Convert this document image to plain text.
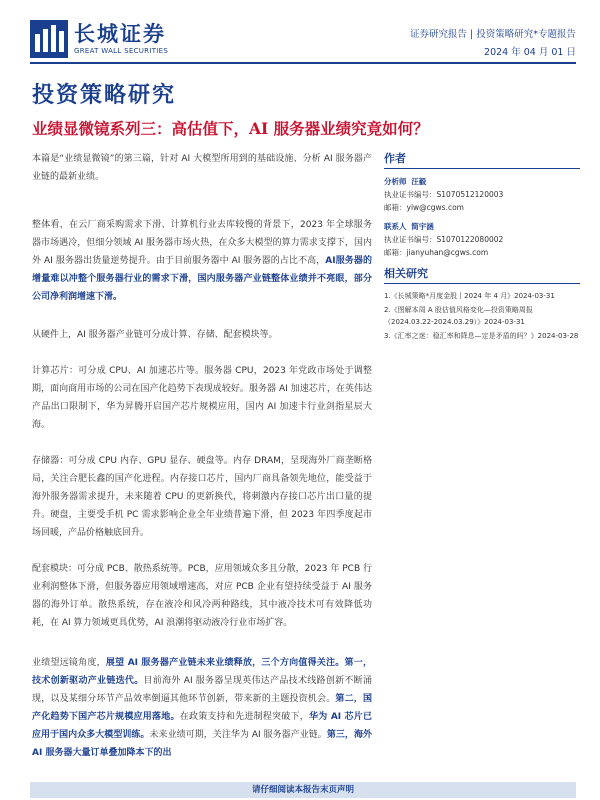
长城证券
GREAT WALL SECURITIES
证券研究报告 | 投资策略研究*专题报告
2024 年 04 月 01 日
投资策略研究
业绩显微镜系列三：高估值下，AI 服务器业绩究竟如何？

本篇是“业绩显微镜”的第三篇，针对 AI 大模型所用到的基础设施、分析 AI 服务器产业链的最新业绩。

整体看，在云厂商采购需求下滑、计算机行业去库较慢的背景下，2023 年全球服务器市场遇冷，但细分领域 AI 服务器市场火热，在众多大模型的算力需求支撑下，国内外 AI 服务器出货量逆势提升。由于目前服务器中 AI 服务器的占比不高，AI服务器的增量难以冲整个服务器行业的需求下滑，国内服务器产业链整体业绩并不亮眼，部分公司净利润增速下滑。

从硬件上，AI 服务器产业链可分成计算、存储、配套模块等。

计算芯片：可分成 CPU、AI 加速芯片等。服务器 CPU，2023 年党政市场处于调整期，面向商用市场的公司在国产化趋势下表现成较好。服务器 AI 加速芯片，在英伟达产品出口限制下，华为昇腾开启国产芯片规模应用，国内 AI 加速卡行业剑指星辰大海。

存储器：可分成 CPU 内存、GPU 显存、硬盘等。内存 DRAM，呈现海外厂商垄断格局，关注合肥长鑫的国产化进程。内存接口芯片，国内厂商具备领先地位，能受益于海外服务器需求提升，未来随着 CPU 的更新换代，将刺激内存接口芯片出口量的提升。硬盘，主要受手机 PC 需求影响企业全年业绩普遍下滑，但 2023 年四季度起市场回暖，产品价格触底回升。

配套模块：可分成 PCB、散热系统等。PCB，应用领域众多且分散，2023 年 PCB 行业利润整体下滑，但服务器应用领域增速高，对应 PCB 企业有望持续受益于 AI 服务器的海外订单。散热系统，存在液冷和风冷两种路线，其中液冷技术可有效降低功耗，在 AI 算力领域更具优势，AI 浪潮将驱动液冷行业市场扩容。

业绩望远镜角度，展望 AI 服务器产业链未来业绩释放，三个方向值得关注。第一，技术创新驱动产业链迭代。目前海外 AI 服务器呈现英伟达产品技术线路创新不断涌现，以及某细分环节产品效率倒逼其他环节创新，带来新的主题投资机会。第二，国产化趋势下国产芯片规模应用落地。在政策支持和先进制程突破下，华为 AI 芯片已应用于国内众多大模型训练。未来业绩可期，关注华为 AI 服务器产业链。第三，海外 AI 服务器大量订单叠加降本下的出

作者
分析师 汪毅
执业证书编号：S1070512120003
邮箱：yiw@cgws.com
联系人 简宇涵
执业证书编号：S1070122080002
邮箱：jianyuhan@cgws.com
相关研究
1.《长城策略*月度金股丨2024 年 4 月》2024-03-31
2.《图解本周 A 股估值风格变化—投资策略周报（2024.03.22-2024.03.29）》2024-03-31
3.《汇率之迷：稳汇率和降息—定是矛盾的吗？》2024-03-28
请仔细阅读本报告末页声明
